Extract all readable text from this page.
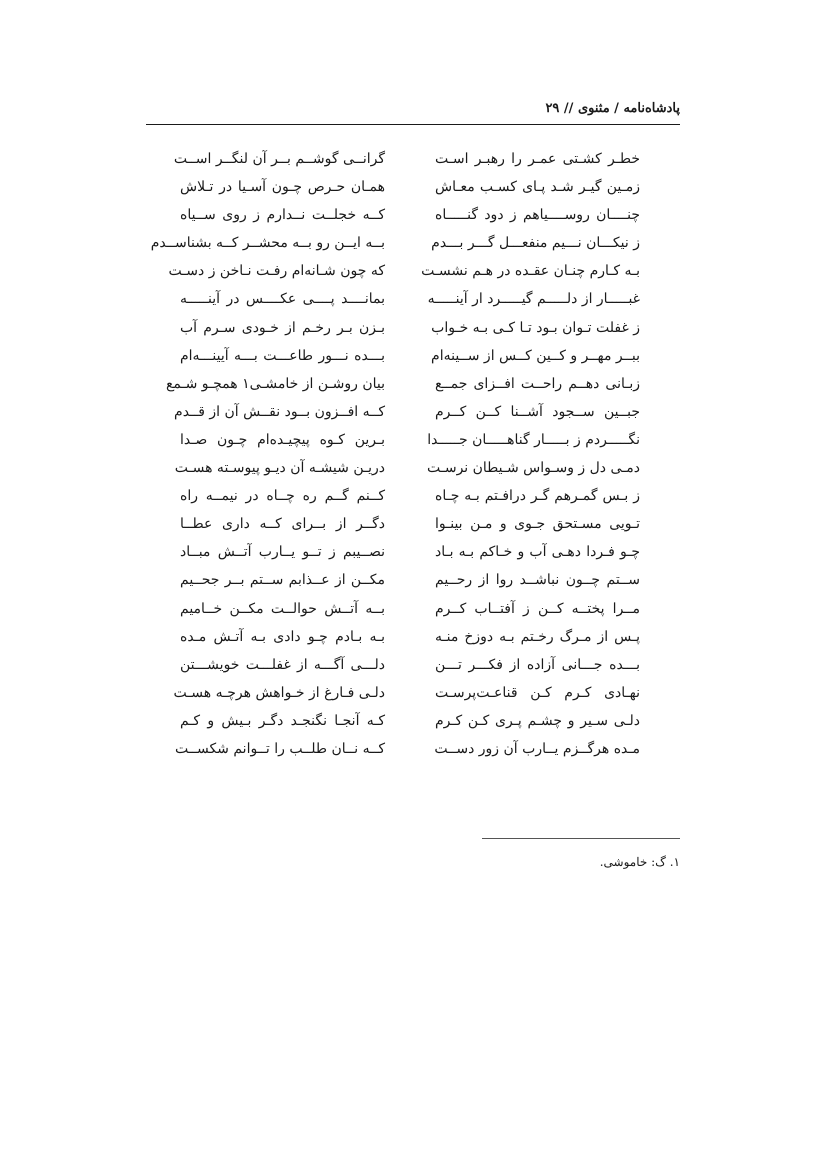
پادشاه‌نامه / مثنوی // ۲۹
خطـر كشـتی عمـر را رهبـر اسـت
گرانــی گوشــم بــر آن لنگــر اســت
زمـین گیـر شـد پـای كسـب معـاش
همـان حـرص چـون آسـیا در تـلاش
چنــــان روســــیاهم ز دود گنـــــاه
كــه خجلــت نــدارم ز روی ســیاه
ز نیكـــان نـــیم منفعـــل گـــر بـــدم
بــه ایــن رو بــه محشــر كــه بشناســدم
بـه كـارم چنـان عقـده در هـم نشسـت
كه چون شـانه‌ام رفـت نـاخن ز دسـت
غبـــــار از دلـــــم گیـــــرد ار آینـــــه
بمانــــد پــــی عكــــس در آینـــــه
ز غفلت تـوان بـود تـا كـی بـه خـواب
بـزن بـر رخـم از خـودی سـرم آب
ببــر مهــر و كــین كــس از ســینه‌ام
بـــده نـــور طاعـــت بـــه آیینـــه‌ام
زبـانی دهــم راحــت افــزای جمــع
بیان روشـن از خامشـی۱ همچـو شـمع
جبــین ســجود آشــنا كــن كــرم
كــه افــزون بــود نقــش آن از قــدم
نگـــــردم ز بـــــار گناهـــــان جـــــدا
بـرین كـوه پیچیـده‌ام چـون صـدا
دمـی دل ز وسـواس شـیطان نرسـت
دریـن شیشـه آن دیـو پیوسـته هسـت
ز بـس گمـرهم گـر درافـتم بـه چـاه
كــنم گــم ره چــاه در نیمــه راه
تـویی مسـتحق جـوی و مـن بینـوا
دگــر از بــرای كــه داری عطــا
چـو فـردا دهـی آب و خـاكم بـه بـاد
نصــیبم ز تــو یــارب آتــش مبــاد
ســتم چــون نباشــد روا از رحــیم
مكــن از عــذابم ســتم بــر جحــیم
مــرا پختــه كــن ز آفتــاب كــرم
بــه آتــش حوالــت مكــن خــامیم
پـس از مـرگ رخـتم بـه دوزخ منـه
بـه بـادم چـو دادی بـه آتـش مـده
بـــده جـــانی آزاده از فكـــر تـــن
دلـــی آگـــه از غفلـــت خویشـــتن
نهـادی كـرم كـن قناعـت‌پرسـت
دلـی فـارغ از خـواهش هرچـه هسـت
دلـی سـیر و چشـم پـری كـن كـرم
كـه آنجـا نگنجـد دگـر بـیش و كـم
مـده هرگــزم یــارب آن زور دســت
كــه نــان طلــب را تــوانم شكســت
۱. گ: خاموشی.
